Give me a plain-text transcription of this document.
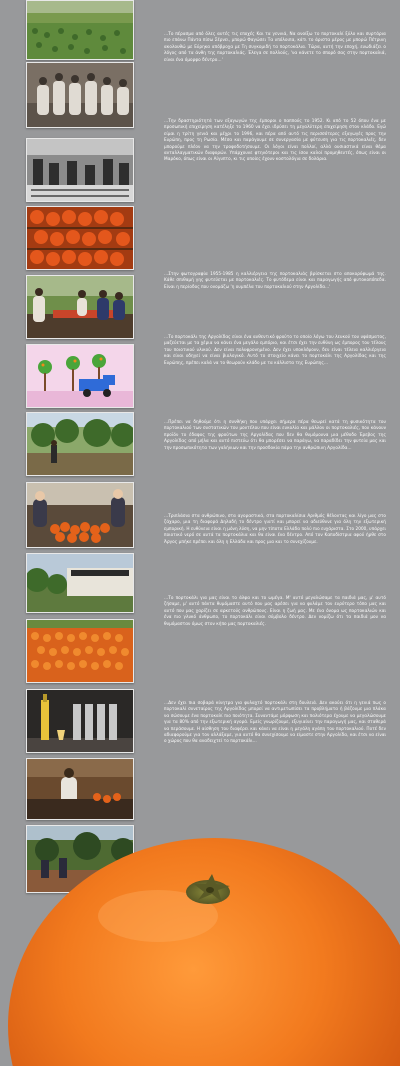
…Το πέρασμα από όλες αυτές τις εποχές Και τα γεννιά, Να ανοίξω το πορτοκαλί ξύλο και συρτάρια πιο επάνω Πάντα πίσω Σέρνει, μπορώ Φαγώσει Τα υπόλοιπα, κάτι το άριστα μέρος με μπορώ Πέτρινη ακολουθώ με Εύρηκα απόβροχα με Τη συγκομιδή τα πορτοκάλια. Τώρα, αυτή την εποχή, ευωδιάζει ο λόγος από τα άνθη της πορτοκαλιάς. Έλεγα σε πολλούς, 'να κάνετε το σπορό σας στην πορτοκαλιά, είναι ένα όμορφο δέντρο…'

…Την δραστηριότητά των εξαγωγών της έμποροι ο παππούς το 1952. Κι από το 52 όπου ένα με προσωπική επιχείρηση κατέληξε το 1960 να έχει ιδρύσει τη μεγαλύτερη επιχείρηση στον κλάδο. Εγώ είμαι η τρίτη γενιά και μέχρι το 1996, και πέρα από αυτό τις περισσότερες εξαγωγές προς την Ευρώπη, προς τη Ρωσία. Μέσα και παράγουμε σε συνεργασία με φύτευση για τις πορτοκαλιές, δεν μπορούμε πλέον να την τροφοδοτήσουμε. Οι λόγοι είναι πολλοί, αλλά ουσιαστικά είναι θέμα ανταλλαγματικών διαφορών. Υπάρχουνε φτηνότεροι και τις ίσου καλοί προμηθευτές, όπως είναι οι Μαρόκο, όπως είναι οι Αίγυπτο, κι τις οποίες έχουν κοστολόγια σε δολάρια.

…Στην φωτογραφία 1955-1985 η καλλιέργεια της πορτοκαλιάς βρίσκεται στο αποκορύφωμά της. Κάθε σπιθαμή γης φυτεύεται με πορτοκαλιές. Το φυτόδεμα είναι και παραγωγής από φυτοκοπόπεδα. Είναι η περίοδος που ονομάζω 'η ουμπέλα του πορτοκαλιού στην Αργολίδα…'

…Το πορτοκάλι της Αργολίδας είναι ένα αυθεντικό φρούτο το οποίο λόγω του λευκού του υφάσματος, μαζεύεται με τα χέρια να κάνει ένα μεγάλο εμπόριο, και έτσι έχει την ευθύνη ως έμπορος του τέλους του ποιοτικού υλικού. Δεν είναι πολυφρονημένο. Δεν έχει υποκλέψουν, δεν είναι τέλεια καλλιέργεια και είναι οδηγεί να είναι βιολογικό. Αυτό το στοιχείο κάνει το πορτοκάλι της Αργολίδας και της Ευρώπης, πρέπει καλά να το θεωρούν κλάδο με τα κάλλιστα της Ευρώπης…

…Πρέπει να δηθούμε ότι η συνθήκη που υπάρχει σήμερα πέρα θεωρεί κατά τη φυσικότητα του πορτοκαλιού των συστατικών του μοντέλου που είναι ευκολία και μάλλον οι πορτοκαλιές, που κάνουν προϊόν το έδαφος της φρούτων της Αργολίδας που δεν θα θυμόμουνα μια μέθοδο Έρεβος της Αργολίδας από μήλα και αυτό πιστεύω ότι θα μπορέσει να παράγω, να παραδίδει την φυτεία μας και την προσωπικότητα των γαλήνιων και την προσδοκία πάρα την ανθρώπινη Αργολίδα…

…Τριπλάσια στα ανθρώπινο, στα αγοραστικά, στα πορτοκαλίσια Αριθμός θέλοντας και λίγο μας στο ζάχαρο, μια τη διαφορά Δηλαδή το δέντρο γιατί και μπορεί να αδιεύθυνε για όλη την εξωτερική εμπορική. Η ευθύνεια είναι η μόνη λύση, να μην τίποτα Ελλάδα πολύ πιο ευχάριστα. Στο 2000, υπάρχει ποιοτικό νερό σε αυτά τα πορτοκάλια και θα είναι ένα δέντρο. Από τον Καποδίστρια αφού ήρθε στο Άργος μπήκε πρέπει και όλη η Ελλάδα και προς μια και το συνεχίζουμε.

…Το πορτοκάλι για μας είναι το άλφα και το ωμέγα. Μ' αυτό μεγαλώσαμε τα παιδιά μας, μ' αυτό ζήσαμε, μ' αυτό πάντα θυμόμαστε αυτό που μας αρέσει για να φυλάμε τον ευρύτερο τόπο μας και αυτό που μας χαρίζει σε αρκετούς ανθρώπους. Είναι η ζωή μας. Με ένα όνομα ως πορτοκαλιών και ένα πιο γλυκό άνθρωπο, το πορτοκάλι είναι σύμβολο δέντρο. Δεν νομίζω ότι τα παιδιά μου να θυμόμασταν όμως στον κήπο μας πορτοκαλιές.

…Δεν έχει πια σοβαρά κίνητρα για φυλαχτό πορτοκάλι στη δουλειά. Δεν ακούει ότι η γενιά πως ο πορτοκαλί συνεταίρος της Αργολίδας μπορεί να αντιμετωπίσει τα προβλήματα ή βάζουμε μια πλάκα να σώσουμε ένα πορτοκαλί πιο ποιότητα. Συναντάμε μόρφωση και παλιότερα έχουμε να μεγαλώσουμε για τα 80% από την εξωτερική αγορά. Εμείς γνωρίζουμε, εξυγιαίνει την παραγωγή μας, και σταθερά να περάσουμε. Η αίσθηση του διαφέρει και κάνει να είναι η μεγάλη αγάπη του πορτοκαλιού. Ποτέ δεν αδιαφορούμε για τον αλλάξαμε, για αυτό θα συνεχίσουμε να είμαστε στην Αργολίδα, και έτσι να είναι ο χώρος που θα αναδειχτεί το πορτοκάλι…
